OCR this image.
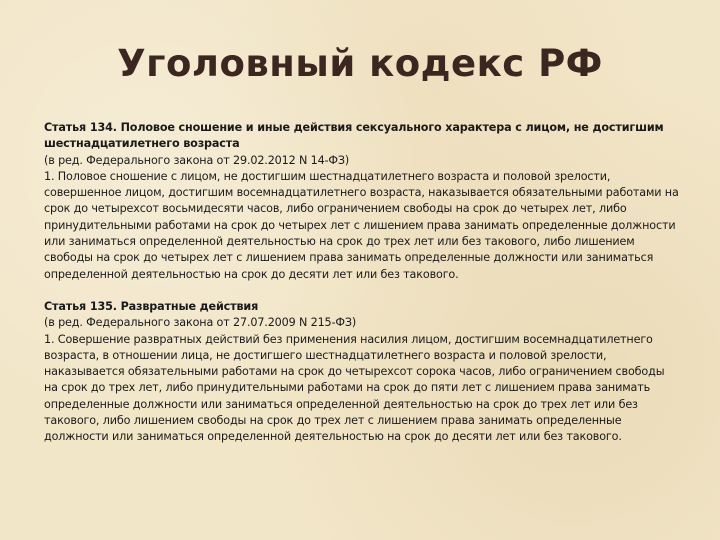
Уголовный кодекс РФ

Статья 134. Половое сношение и иные действия сексуального характера с лицом, не достигшим шестнадцатилетнего возраста
(в ред. Федерального закона от 29.02.2012 N 14-ФЗ)
1. Половое сношение с лицом, не достигшим шестнадцатилетнего возраста и половой зрелости, совершенное лицом, достигшим восемнадцатилетнего возраста, наказывается обязательными работами на срок до четырехсот восьмидесяти часов, либо ограничением свободы на срок до четырех лет, либо принудительными работами на срок до четырех лет с лишением права занимать определенные должности или заниматься определенной деятельностью на срок до трех лет или без такового, либо лишением свободы на срок до четырех лет с лишением права занимать определенные должности или заниматься определенной деятельностью на срок до десяти лет или без такового.

Статья 135. Развратные действия
(в ред. Федерального закона от 27.07.2009 N 215-ФЗ)
1. Совершение развратных действий без применения насилия лицом, достигшим восемнадцатилетнего возраста, в отношении лица, не достигшего шестнадцатилетнего возраста и половой зрелости, наказывается обязательными работами на срок до четырехсот сорока часов, либо ограничением свободы на срок до трех лет, либо принудительными работами на срок до пяти лет с лишением права занимать определенные должности или заниматься определенной деятельностью на срок до трех лет или без такового, либо лишением свободы на срок до трех лет с лишением права занимать определенные должности или заниматься определенной деятельностью на срок до десяти лет или без такового.
